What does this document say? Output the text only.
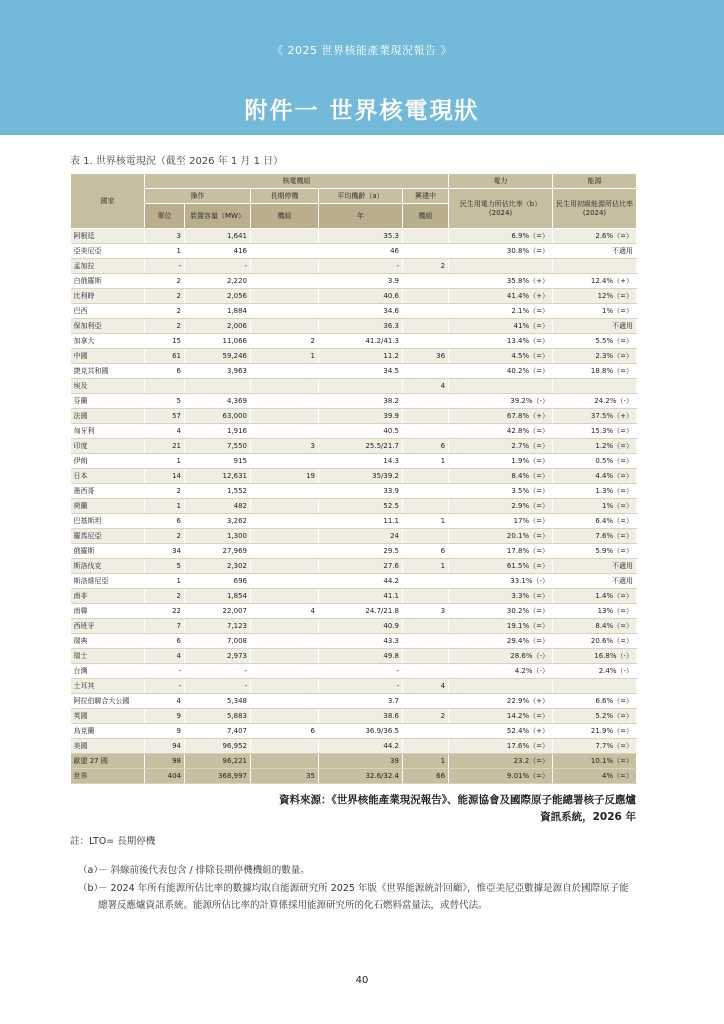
《 2025 世界核能產業現況報告 》
附件一 世界核電現狀
表 1. 世界核電現況（截至 2026 年 1 月 1 日）
國家	核電機組					電力	能源
	操作		長期停機	平均機齡（a）	興建中	民生用電力所佔比率（b）(2024)	民生用初級能源所佔比率(2024)
	單位	裝置容量（MW）	機組	年	機組		
阿根廷	3	1,641		35.3		6.9%（=）	2.6%（=）
亞美尼亞	1	416		46		30.8%（=）	不適用
孟加拉	-	-		-	2		
白俄羅斯	2	2,220		3.9		35.8%（+）	12.4%（+）
比利時	2	2,056		40.6		41.4%（+）	12%（=）
巴西	2	1,884		34.6		2.1%（=）	1%（=）
保加利亞	2	2,006		36.3		41%（=）	不適用
加拿大	15	11,066	2	41.2/41.3		13.4%（=）	5.5%（=）
中國	61	59,246	1	11.2	36	4.5%（=）	2.3%（=）
捷克共和國	6	3,963		34.5		40.2%（=）	18.8%（=）
埃及					4		
芬蘭	5	4,369		38.2		39.2%（-）	24.2%（-）
法國	57	63,000		39.9		67.8%（+）	37.5%（+）
匈牙利	4	1,916		40.5		42.8%（=）	15.3%（=）
印度	21	7,550	3	25.5/21.7	6	2.7%（=）	1.2%（=）
伊朗	1	915		14.3	1	1.9%（=）	0.5%（=）
日本	14	12,631	19	35/39.2		8.4%（=）	4.4%（=）
墨西哥	2	1,552		33.9		3.5%（=）	1.3%（=）
荷蘭	1	482		52.5		2.9%（=）	1%（=）
巴基斯坦	6	3,262		11.1	1	17%（=）	6.4%（=）
羅馬尼亞	2	1,300		24		20.1%（=）	7.6%（=）
俄羅斯	34	27,969		29.5	6	17.8%（=）	5.9%（=）
斯洛伐克	5	2,302		27.6	1	61.5%（=）	不適用
斯洛維尼亞	1	696		44.2		33.1%（-）	不適用
南非	2	1,854		41.1		3.3%（=）	1.4%（=）
南韓	22	22,007	4	24.7/21.8	3	30.2%（=）	13%（=）
西班牙	7	7,123		40.9		19.1%（=）	8.4%（=）
瑞典	6	7,008		43.3		29.4%（=）	20.6%（=）
瑞士	4	2,973		49.8		28.6%（-）	16.8%（-）
台灣	-	-		-		4.2%（-）	2.4%（-）
土耳其	-	-		-	4		
阿拉伯聯合大公國	4	5,348		3.7		22.9%（+）	6.6%（=）
英國	9	5,883		38.6	2	14.2%（=）	5.2%（=）
烏克蘭	9	7,407	6	36.9/36.5		52.4%（+）	21.9%（=）
美國	94	96,952		44.2		17.6%（=）	7.7%（=）
歐盟 27 國	98	96,221		39	1	23.2（=）	10.1%（=）
世界	404	368,997	35	32.6/32.4	66	9.01%（=）	4%（=）
資料來源：《世界核能產業現況報告》、能源協會及國際原子能總署核子反應爐
資訊系統，2026 年
註：LTO= 長期停機
（a）
－ 斜線前後代表包含 / 排除長期停機機組的數量。
（b）
－ 2024 年所有能源所佔比率的數據均取自能源研究所 2025 年版《世界能源統計回顧》，惟亞美尼亞數據是源自於國際原子能總署反應爐資訊系統。能源所佔比率的計算係採用能源研究所的化石燃料當量法，或替代法。
40
